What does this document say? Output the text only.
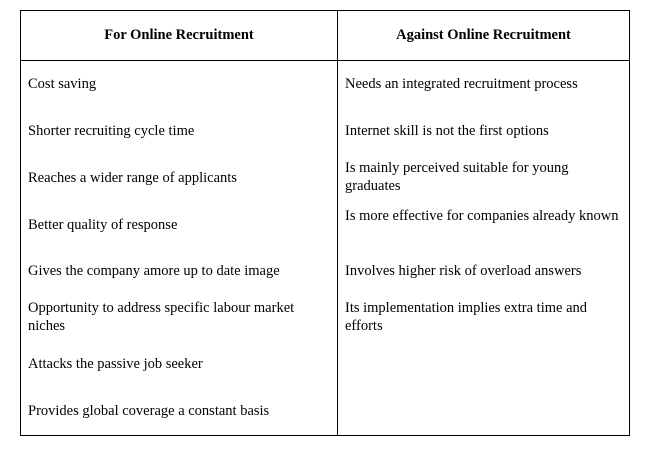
For Online Recruitment	Against Online Recruitment
Cost saving
Shorter recruiting cycle time
Reaches a wider range of applicants
Better quality of response
Gives the company amore up to date image
Opportunity to address specific labour market niches
Attacks the passive job seeker
Provides global coverage a constant basis
Needs an integrated recruitment process
Internet skill is not the first options
Is mainly perceived suitable for young graduates
Is more effective for companies already known
Involves higher risk of overload answers
Its implementation implies extra time and efforts
